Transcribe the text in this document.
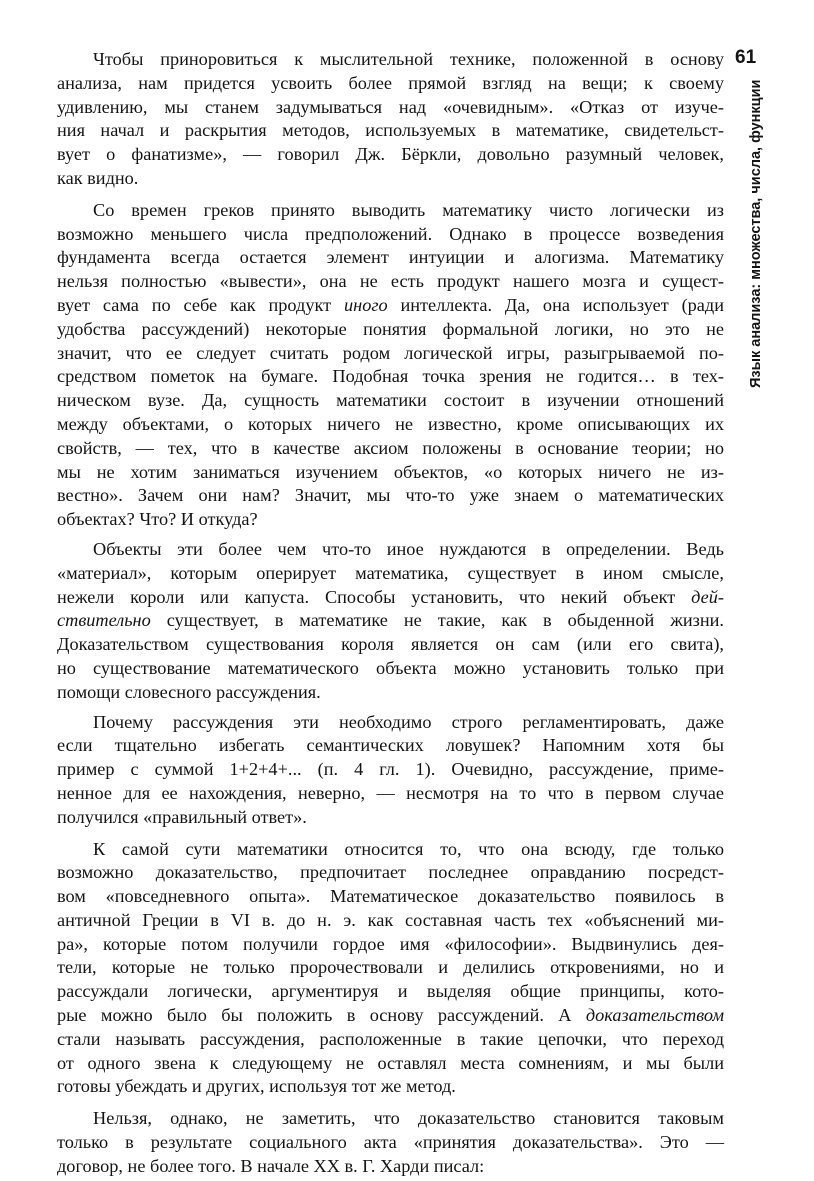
61
Язык анализа: множества, числа, функции
Чтобы приноровиться к мыслительной технике, положенной в основу
анализа, нам придется усвоить более прямой взгляд на вещи; к своему
удивлению, мы станем задумываться над «очевидным». «Отказ от изуче-
ния начал и раскрытия методов, используемых в математике, свидетельст-
вует о фанатизме», — говорил Дж. Бёркли, довольно разумный человек,
как видно.
Со времен греков принято выводить математику чисто логически из
возможно меньшего числа предположений. Однако в процессе возведения
фундамента всегда остается элемент интуиции и алогизма. Математику
нельзя полностью «вывести», она не есть продукт нашего мозга и сущест-
вует сама по себе как продукт иного интеллекта. Да, она использует (ради
удобства рассуждений) некоторые понятия формальной логики, но это не
значит, что ее следует считать родом логической игры, разыгрываемой по-
средством пометок на бумаге. Подобная точка зрения не годится… в тех-
ническом вузе. Да, сущность математики состоит в изучении отношений
между объектами, о которых ничего не известно, кроме описывающих их
свойств, — тех, что в качестве аксиом положены в основание теории; но
мы не хотим заниматься изучением объектов, «о которых ничего не из-
вестно». Зачем они нам? Значит, мы что-то уже знаем о математических
объектах? Что? И откуда?
Объекты эти более чем что-то иное нуждаются в определении. Ведь
«материал», которым оперирует математика, существует в ином смысле,
нежели короли или капуста. Способы установить, что некий объект дей-
ствительно существует, в математике не такие, как в обыденной жизни.
Доказательством существования короля является он сам (или его свита),
но существование математического объекта можно установить только при
помощи словесного рассуждения.
Почему рассуждения эти необходимо строго регламентировать, даже
если тщательно избегать семантических ловушек? Напомним хотя бы
пример с суммой 1+2+4+... (п. 4 гл. 1). Очевидно, рассуждение, приме-
ненное для ее нахождения, неверно, — несмотря на то что в первом случае
получился «правильный ответ».
К самой сути математики относится то, что она всюду, где только
возможно доказательство, предпочитает последнее оправданию посредст-
вом «повседневного опыта». Математическое доказательство появилось в
античной Греции в VI в. до н. э. как составная часть тех «объяснений ми-
ра», которые потом получили гордое имя «философии». Выдвинулись дея-
тели, которые не только пророчествовали и делились откровениями, но и
рассуждали логически, аргументируя и выделяя общие принципы, кото-
рые можно было бы положить в основу рассуждений. А доказательством
стали называть рассуждения, расположенные в такие цепочки, что переход
от одного звена к следующему не оставлял места сомнениям, и мы были
готовы убеждать и других, используя тот же метод.
Нельзя, однако, не заметить, что доказательство становится таковым
только в результате социального акта «принятия доказательства». Это —
договор, не более того. В начале XX в. Г. Харди писал:
